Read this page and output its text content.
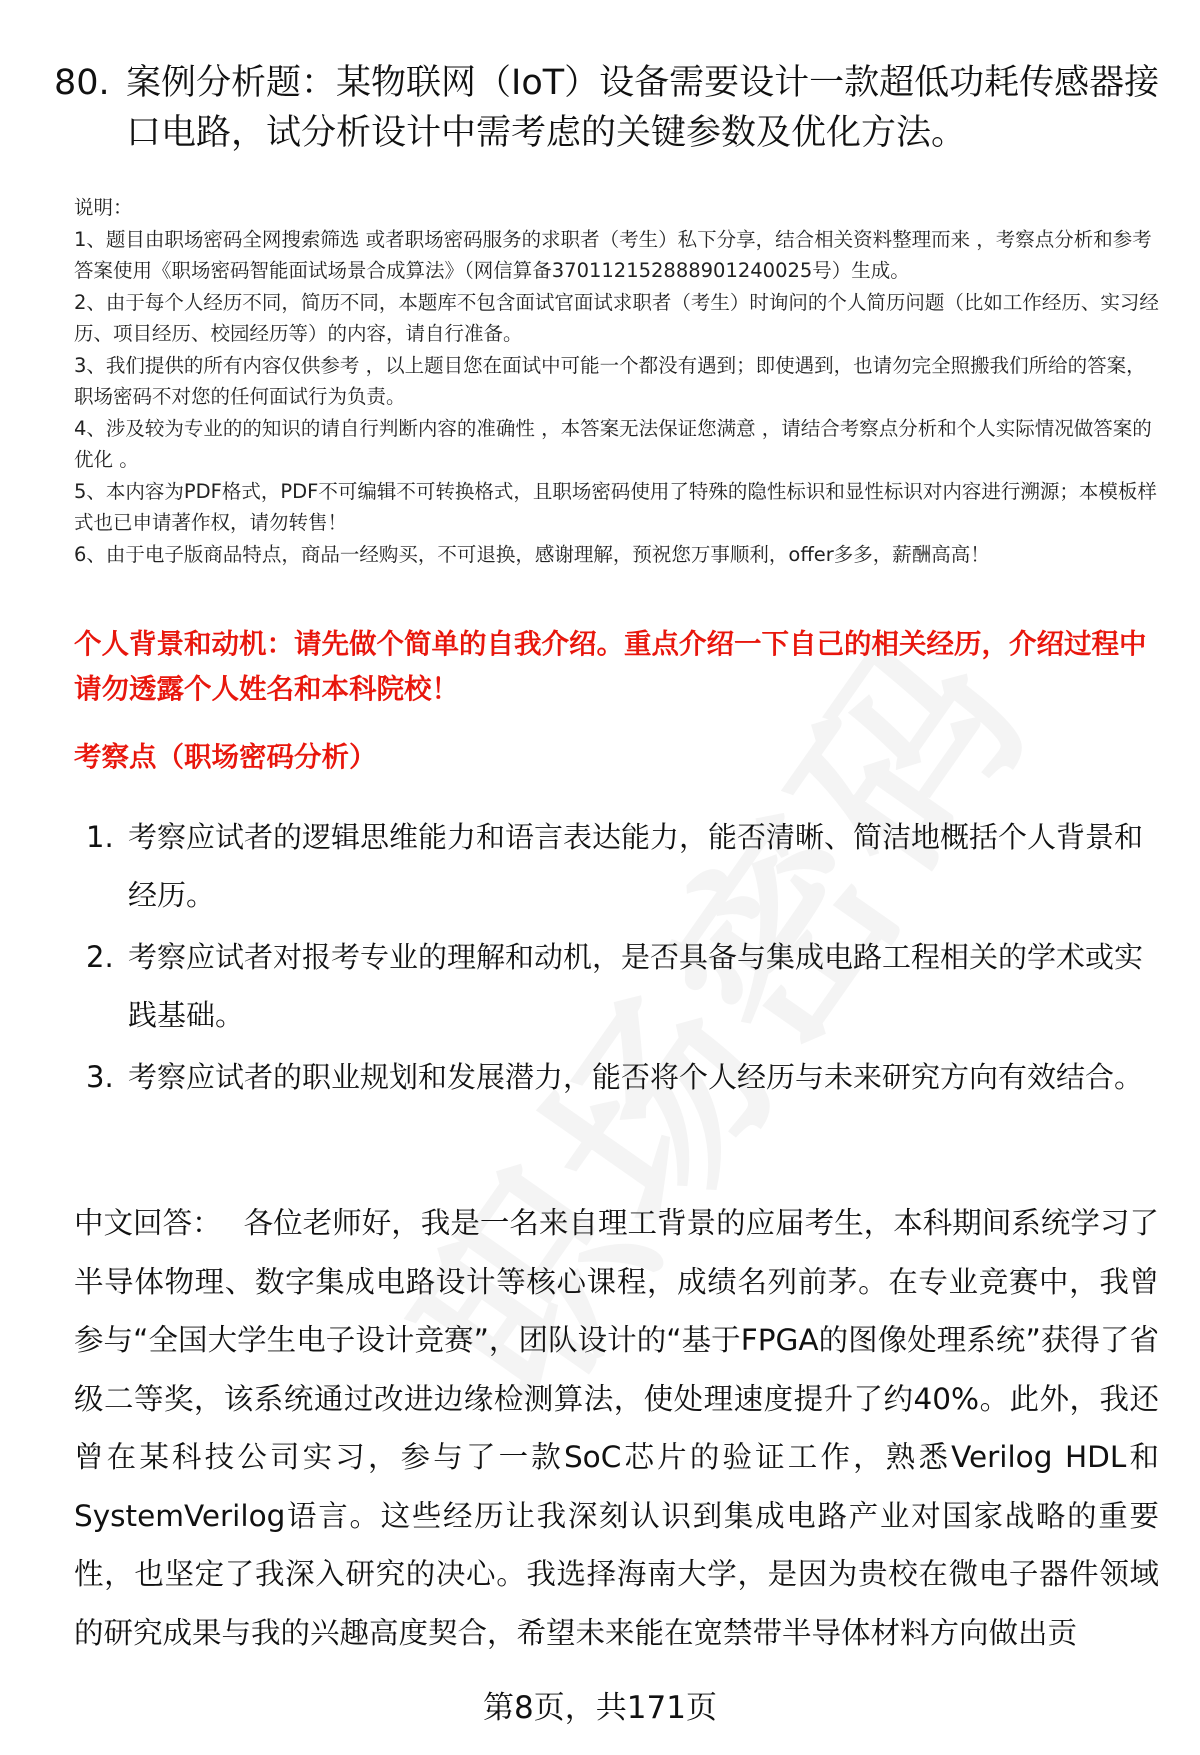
80. 案例分析题：某物联网（IoT）设备需要设计一款超低功耗传感器接口电路，试分析设计中需考虑的关键参数及优化方法。

说明：

1、题目由职场密码全网搜索筛选 或者职场密码服务的求职者（考生）私下分享，结合相关资料整理而来 ，考察点分析和参考答案使用《职场密码智能面试场景合成算法》（网信算备370112152888901240025号）生成。

2、由于每个人经历不同，简历不同，本题库不包含面试官面试求职者（考生）时询问的个人简历问题（比如工作经历、实习经历、项目经历、校园经历等）的内容，请自行准备。

3、我们提供的所有内容仅供参考 ，以上题目您在面试中可能一个都没有遇到；即使遇到，也请勿完全照搬我们所给的答案，职场密码不对您的任何面试行为负责。

4、涉及较为专业的的知识的请自行判断内容的准确性 ，本答案无法保证您满意 ，请结合考察点分析和个人实际情况做答案的优化 。

5、本内容为PDF格式，PDF不可编辑不可转换格式，且职场密码使用了特殊的隐性标识和显性标识对内容进行溯源；本模板样式也已申请著作权，请勿转售！

6、由于电子版商品特点，商品一经购买，不可退换，感谢理解，预祝您万事顺利，offer多多，薪酬高高！

个人背景和动机：请先做个简单的自我介绍。重点介绍一下自己的相关经历，介绍过程中请勿透露个人姓名和本科院校！
考察点（职场密码分析）
1. 考察应试者的逻辑思维能力和语言表达能力，能否清晰、简洁地概括个人背景和经历。
2. 考察应试者对报考专业的理解和动机，是否具备与集成电路工程相关的学术或实践基础。
3. 考察应试者的职业规划和发展潜力，能否将个人经历与未来研究方向有效结合。
中文回答： 各位老师好，我是一名来自理工背景的应届考生，本科期间系统学习了半导体物理、数字集成电路设计等核心课程，成绩名列前茅。在专业竞赛中，我曾参与“全国大学生电子设计竞赛”，团队设计的“基于FPGA的图像处理系统”获得了省级二等奖，该系统通过改进边缘检测算法，使处理速度提升了约40%。此外，我还曾在某科技公司实习，参与了一款SoC芯片的验证工作，熟悉Verilog HDL和SystemVerilog语言。这些经历让我深刻认识到集成电路产业对国家战略的重要性，也坚定了我深入研究的决心。我选择海南大学，是因为贵校在微电子器件领域的研究成果与我的兴趣高度契合，希望未来能在宽禁带半导体材料方向做出贡
第8页，共171页
